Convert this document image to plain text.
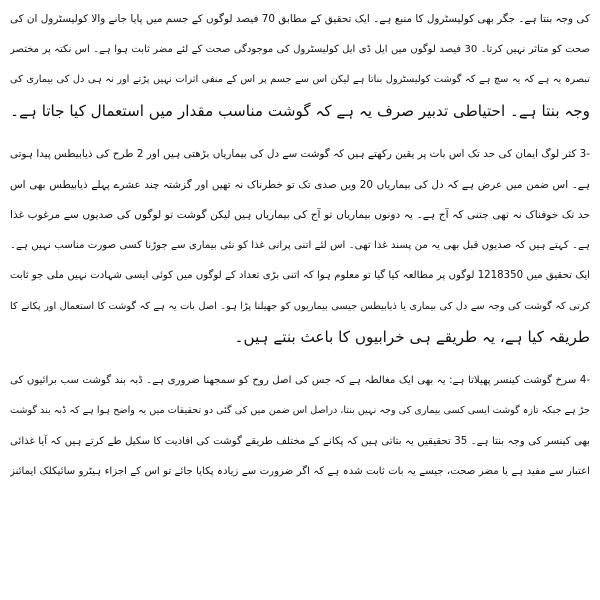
کی وجہ بنتا ہے۔ جگر بھی کولیسٹرول کا منبع ہے۔ ایک تحقیق کے مطابق 70 فیصد لوگوں کے جسم میں پایا جانے والا کولیسٹرول ان کی
صحت کو متاثر نہیں کرتا۔ 30 فیصد لوگوں میں ایل ڈی ایل کولیسٹرول کی موجودگی صحت کے لئے مضر ثابت ہوا ہے۔ اس نکتہ پر مختصر
تبصرہ یہ ہے کہ یہ سچ ہے کہ گوشت کولیسٹرول بناتا ہے لیکن اس سے جسم پر اس کے منفی اثرات نہیں پڑتے اور نہ ہی دل کی بیماری کی
وجہ بنتا ہے۔ احتیاطی تدبیر صرف یہ ہے کہ گوشت مناسب مقدار میں استعمال کیا جاتا ہے۔
-3 کثر لوگ ایمان کی حد تک اس بات پر یقین رکھتے ہیں کہ گوشت سے دل کی بیماریاں بڑھتی ہیں اور 2 طرح کی ذیابیطس پیدا ہوتی
ہے۔ اس ضمن میں عرض ہے کہ دل کی بیماریاں 20 ویں صدی تک تو خطرناک نہ تھیں اور گزشتہ چند عشرے پہلے ذیابیطس بھی اس
حد تک خوفناک نہ تھی جتنی کہ آج ہے۔ یہ دونوں بیماریاں تو آج کی بیماریاں ہیں لیکن گوشت تو لوگوں کی صدیوں سے مرغوب غذا
ہے۔ کہتے ہیں کہ صدیوں قبل بھی یہ من پسند غذا تھی۔ اس لئے اتنی پرانی غذا کو نئی بیماری سے جوڑنا کسی صورت مناسب نہیں ہے۔
ایک تحقیق میں 1218350 لوگوں پر مطالعہ کیا گیا تو معلوم ہوا کہ اتنی بڑی تعداد کے لوگوں میں کوئی ایسی شہادت نہیں ملی جو ثابت
کرتی کہ گوشت کی وجہ سے دل کی بیماری یا ذیابیطس جیسی بیماریوں کو جھیلنا پڑا ہو۔ اصل بات یہ ہے کہ گوشت کا استعمال اور پکانے کا
طریقہ کیا ہے، یہ طریقے ہی خرابیوں کا باعث بنتے ہیں۔
-4 سرخ گوشت کینسر پھیلاتا ہے: یہ بھی ایک مغالطہ ہے کہ جس کی اصل روح کو سمجھنا ضروری ہے۔ ڈبہ بند گوشت سب برائیوں کی
جڑ ہے جبکہ تازہ گوشت ایسی کسی بیماری کی وجہ نہیں بنتا، دراصل اس ضمن میں کی گئی دو تحقیقات میں یہ واضح ہوا ہے کہ ڈبہ بند گوشت
بھی کینسر کی وجہ بنتا ہے۔ 35 تحقیقیں یہ بتاتی ہیں کہ پکانے کے مختلف طریقے گوشت کی افادیت کا سکیل طے کرتے ہیں کہ آیا غذائی
اعتبار سے مفید ہے یا مضر صحت، جیسے یہ بات ثابت شدہ ہے کہ اگر ضرورت سے زیادہ پکایا جائے تو اس کے اجزاء ہیٹرو سائیکلک ایمائنز
